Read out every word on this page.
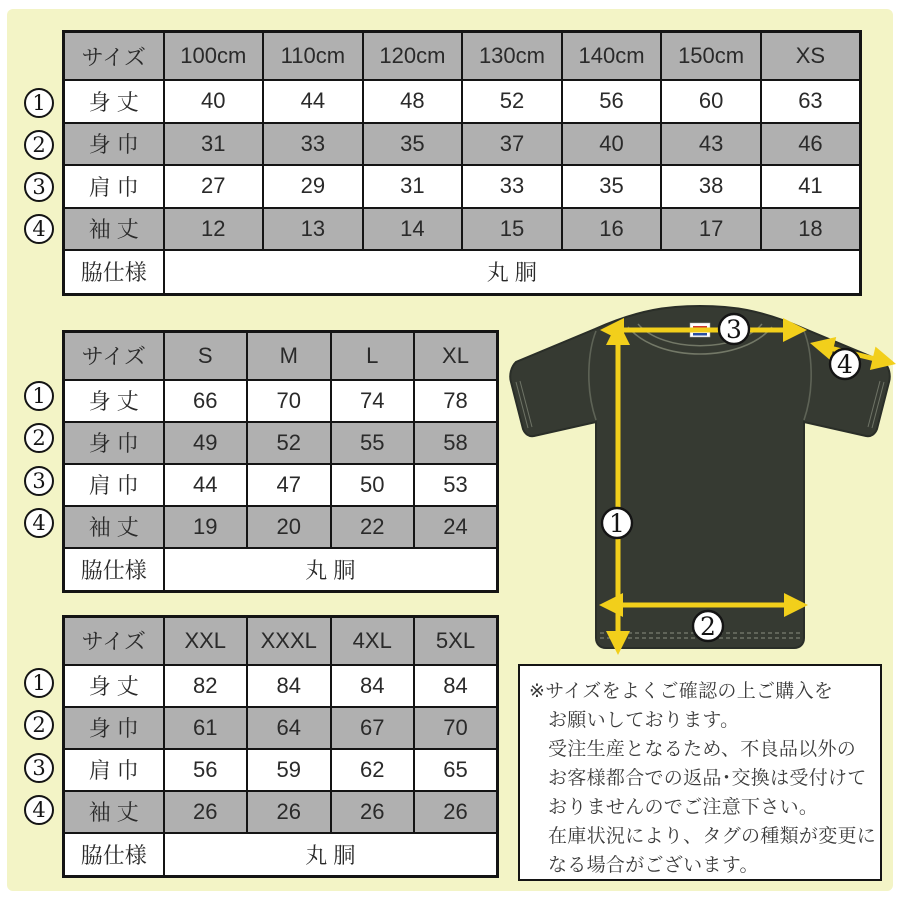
サイズ	100cm	110cm	120cm	130cm	140cm	150cm	XS
身 丈	40	44	48	52	56	60	63
身 巾	31	33	35	37	40	43	46
肩 巾	27	29	31	33	35	38	41
袖 丈	12	13	14	15	16	17	18
脇仕様	丸 胴						
1
2
3
4
サイズ	S	M	L	XL
身 丈	66	70	74	78
身 巾	49	52	55	58
肩 巾	44	47	50	53
袖 丈	19	20	22	24
脇仕様	丸 胴			
1
2
3
4
サイズ	XXL	XXXL	4XL	5XL
身 丈	82	84	84	84
身 巾	61	64	67	70
肩 巾	56	59	62	65
袖 丈	26	26	26	26
脇仕様	丸 胴			
1
2
3
4
3
4
1
2
※サイズをよくご確認の上ご購入を
お願いしております。
受注生産となるため、不良品以外の
お客様都合での返品･交換は受付けて
おりませんのでご注意下さい。
在庫状況により、タグの種類が変更に
なる場合がございます。
